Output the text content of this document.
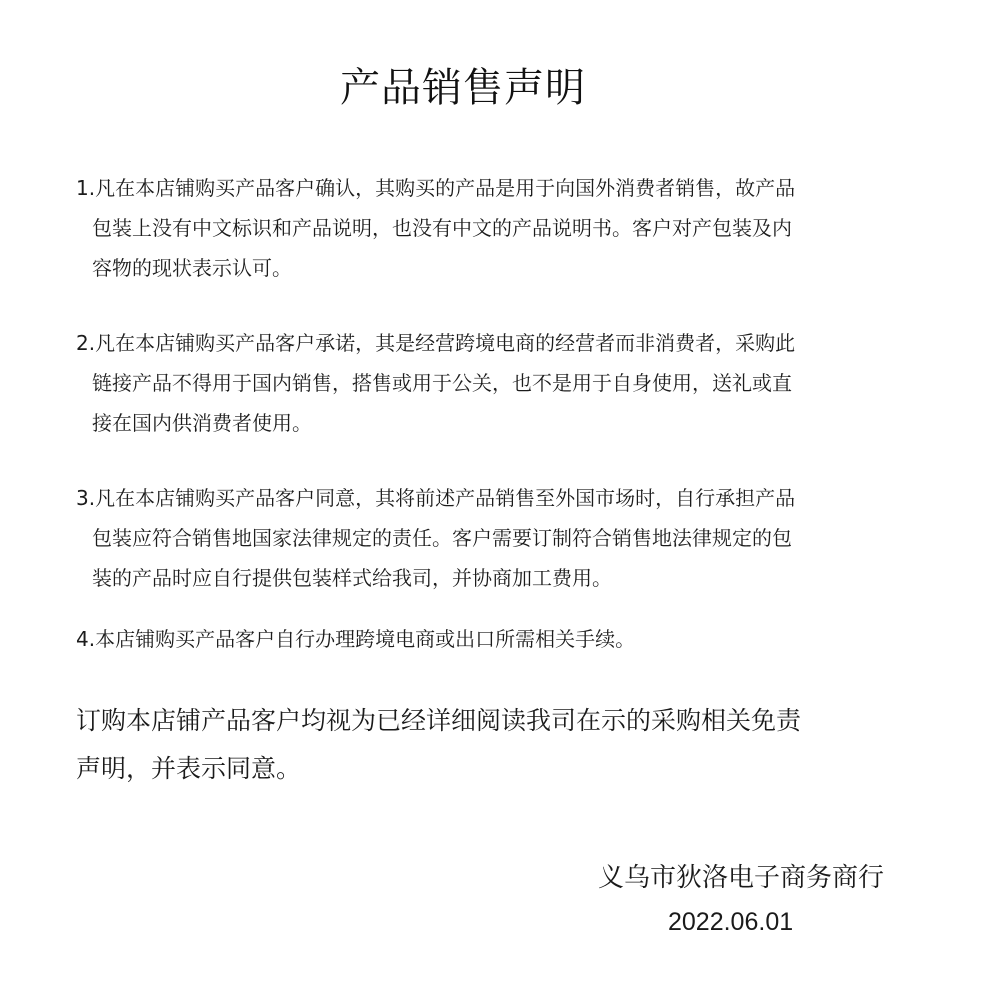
产品销售声明
1.凡在本店铺购买产品客户确认，其购买的产品是用于向国外消费者销售，故产品
包装上没有中文标识和产品说明，也没有中文的产品说明书。客户对产包装及内
容物的现状表示认可。
2.凡在本店铺购买产品客户承诺，其是经营跨境电商的经营者而非消费者，采购此
链接产品不得用于国内销售，搭售或用于公关，也不是用于自身使用，送礼或直
接在国内供消费者使用。
3.凡在本店铺购买产品客户同意，其将前述产品销售至外国市场时，自行承担产品
包装应符合销售地国家法律规定的责任。客户需要订制符合销售地法律规定的包
装的产品时应自行提供包装样式给我司，并协商加工费用。
4.本店铺购买产品客户自行办理跨境电商或出口所需相关手续。
订购本店铺产品客户均视为已经详细阅读我司在示的采购相关免责
声明，并表示同意。
义乌市狄洛电子商务商行
2022.06.01
